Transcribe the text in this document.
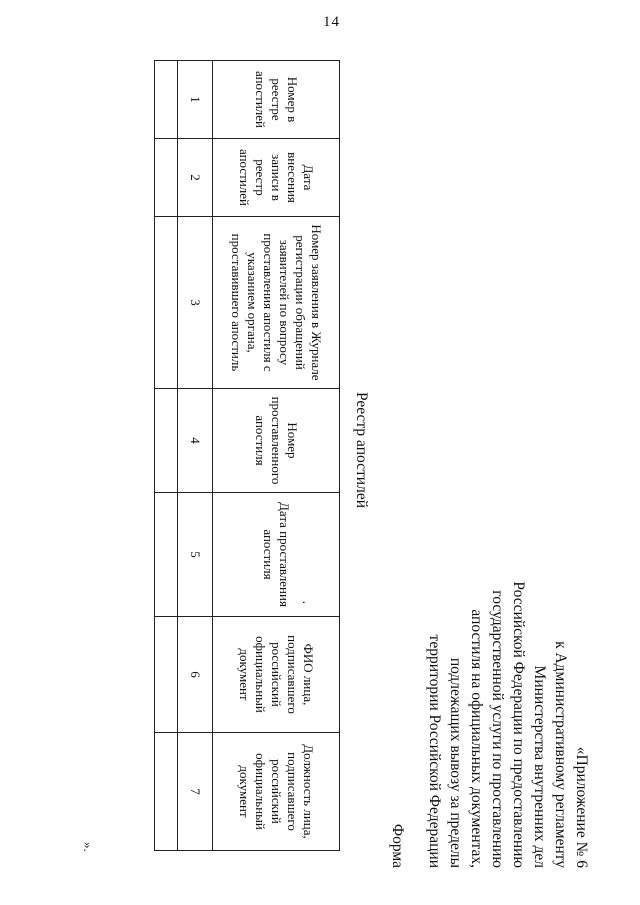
14
«Приложение № 6
к Административному регламенту
Министерства внутренних дел
Российской Федерации по предоставлению
государственной услуги по проставлению
апостиля на официальных документах,
подлежащих вывозу за пределы
территории Российской Федерации
Форма
Реестр апостилей
·
Номер в реестре апостилей	Дата внесения записи в реестр апостилей	Номер заявления в Журнале регистрации обращений заявителей по вопросу проставления апостиля с указанием органа, проставившего апостиль	Номер проставленного апостиля	Дата проставления апостиля	ФИО лица, подписавшего российский официальный документ	Должность лица, подписавшего российский официальный документ
1	2	3	4	5	6	7

».
